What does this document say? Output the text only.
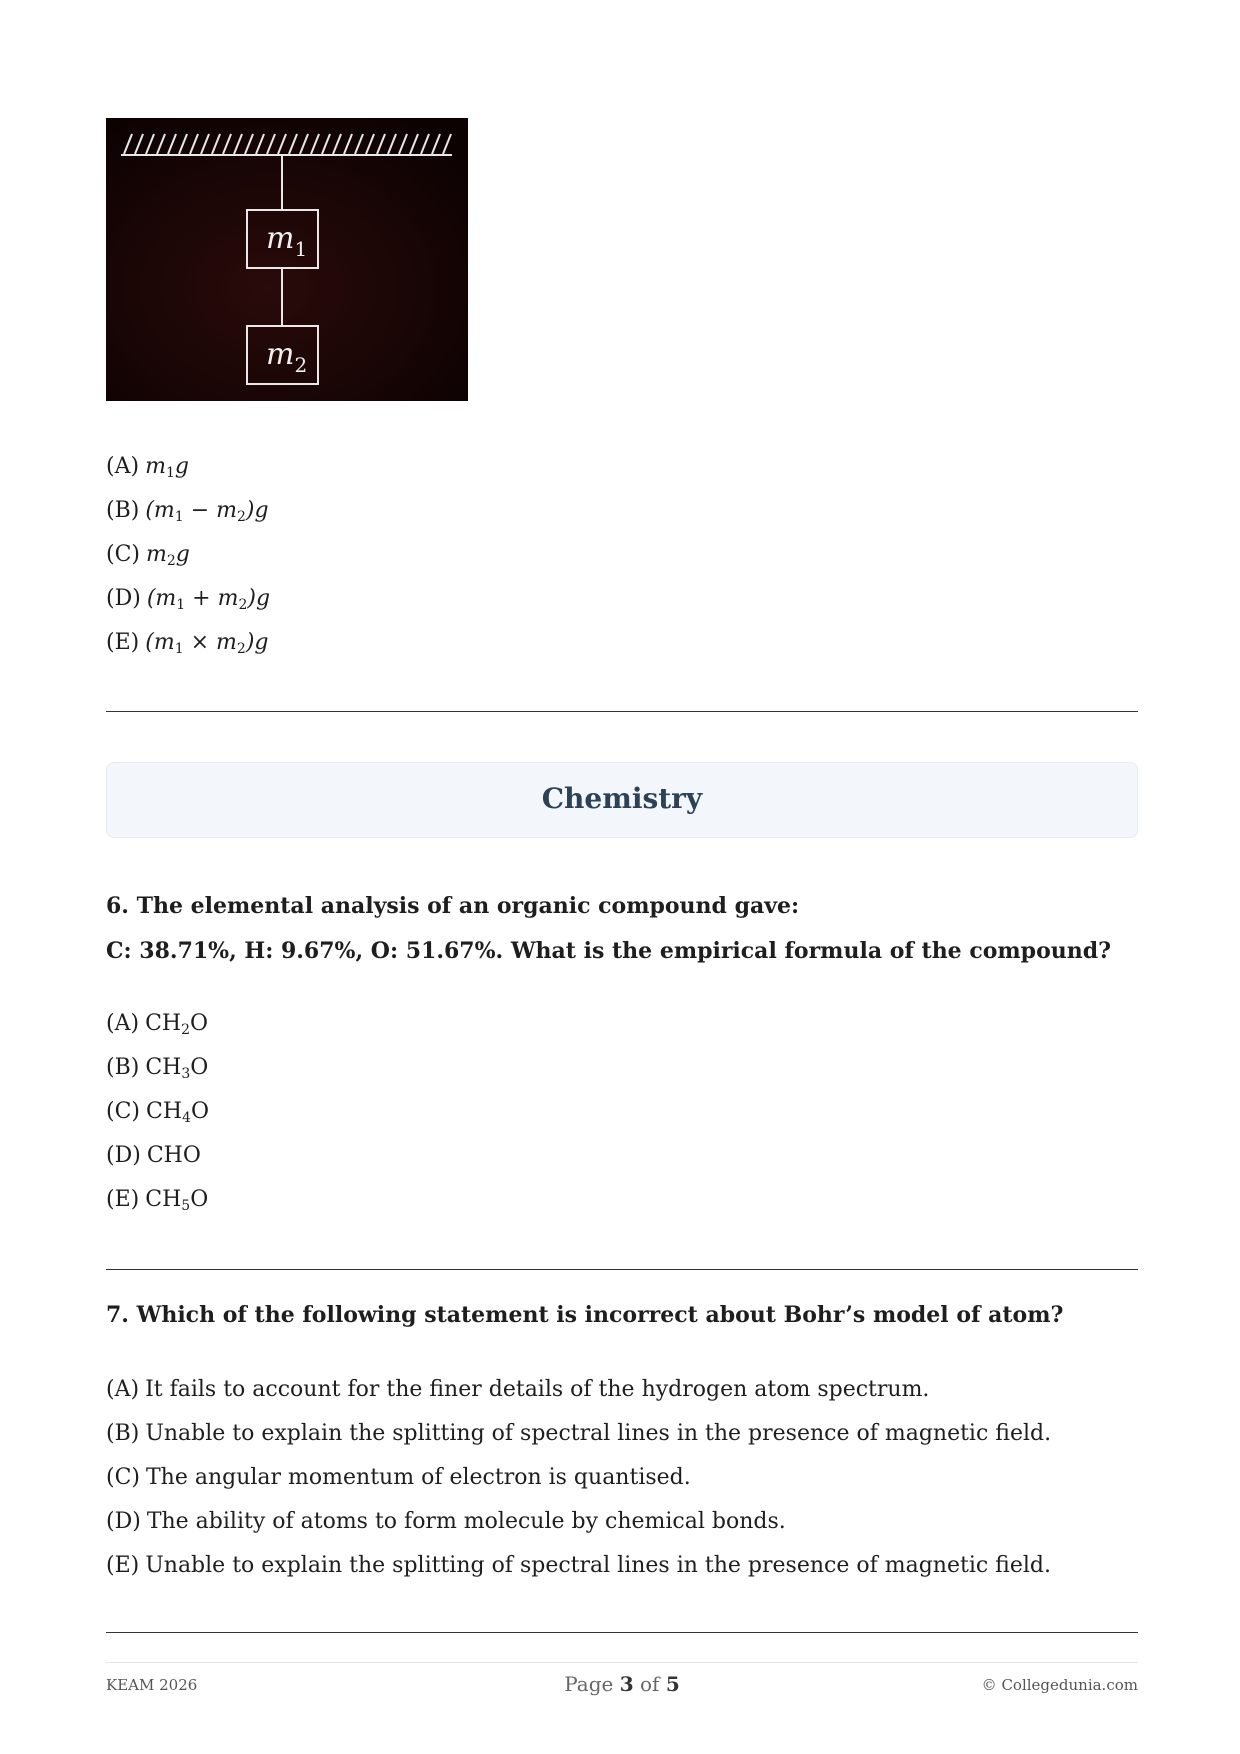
$m_1$
$m_2$
(A) $m_1g$
(B) $(m_1 - m_2)g$
(C) $m_2g$
(D) $(m_1 + m_2)g$
(E) $(m_1 \times m_2)g$
Chemistry
6. The elemental analysis of an organic compound gave:
C: 38.71%, H: 9.67%, O: 51.67%. What is the empirical formula of the compound?
(A) $CH_2O$
(B) $CH_3O$
(C) $CH_4O$
(D) CHO
(E) $CH_5O$
7. Which of the following statement is incorrect about Bohr’s model of atom?
(A) It fails to account for the finer details of the hydrogen atom spectrum.
(B) Unable to explain the splitting of spectral lines in the presence of magnetic field.
(C) The angular momentum of electron is quantised.
(D) The ability of atoms to form molecule by chemical bonds.
(E) Unable to explain the splitting of spectral lines in the presence of magnetic field.
KEAM 2026	Page 3 of 5	© Collegedunia.com
